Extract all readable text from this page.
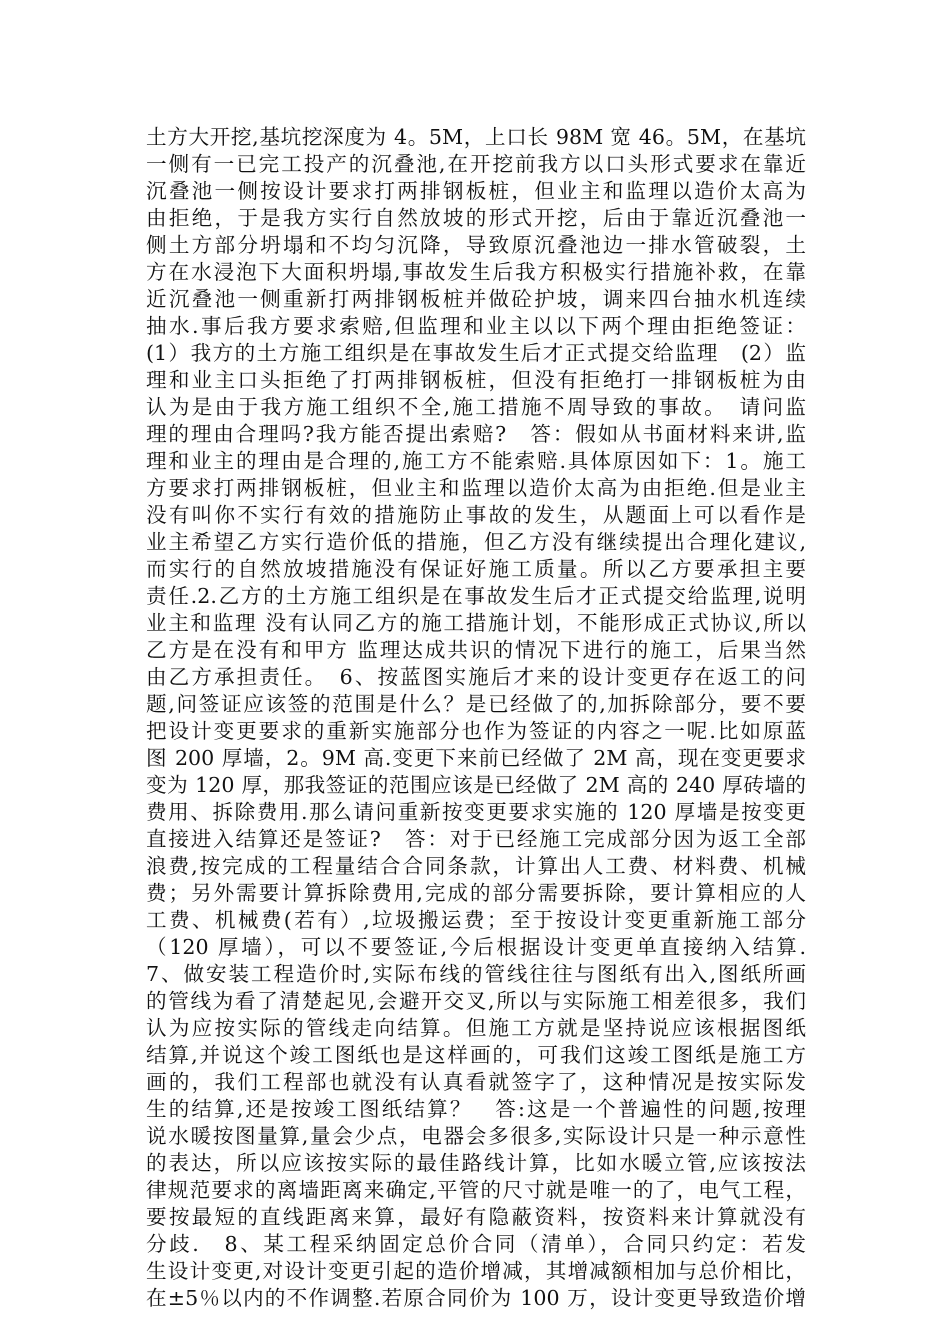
土方大开挖,基坑挖深度为 4。5M，上口长 98M 宽 46。5M，在基坑
一侧有一已完工投产的沉叠池,在开挖前我方以口头形式要求在靠近
沉叠池一侧按设计要求打两排钢板桩，但业主和监理以造价太高为
由拒绝，于是我方实行自然放坡的形式开挖，后由于靠近沉叠池一
侧土方部分坍塌和不均匀沉降，导致原沉叠池边一排水管破裂，土
方在水浸泡下大面积坍塌,事故发生后我方积极实行措施补救，在靠
近沉叠池一侧重新打两排钢板桩并做砼护坡，调来四台抽水机连续
抽水.事后我方要求索赔,但监理和业主以以下两个理由拒绝签证：
(1）我方的土方施工组织是在事故发生后才正式提交给监理　(2）监
理和业主口头拒绝了打两排钢板桩，但没有拒绝打一排钢板桩为由
认为是由于我方施工组织不全,施工措施不周导致的事故。　请问监
理的理由合理吗?我方能否提出索赔?　答：假如从书面材料来讲,监
理和业主的理由是合理的,施工方不能索赔.具体原因如下：1。施工
方要求打两排钢板桩，但业主和监理以造价太高为由拒绝.但是业主
没有叫你不实行有效的措施防止事故的发生，从题面上可以看作是
业主希望乙方实行造价低的措施，但乙方没有继续提出合理化建议,
而实行的自然放坡措施没有保证好施工质量。所以乙方要承担主要
责任.2.乙方的土方施工组织是在事故发生后才正式提交给监理,说明
业主和监理 没有认同乙方的施工措施计划，不能形成正式协议,所以
乙方是在没有和甲方 监理达成共识的情况下进行的施工，后果当然
由乙方承担责任。　6、按蓝图实施后才来的设计变更存在返工的问
题,问签证应该签的范围是什么？是已经做了的,加拆除部分，要不要
把设计变更要求的重新实施部分也作为签证的内容之一呢.比如原蓝
图 200 厚墙，2。9M 高.变更下来前已经做了 2M 高，现在变更要求
变为 120 厚，那我签证的范围应该是已经做了 2M 高的 240 厚砖墙的
费用、拆除费用.那么请问重新按变更要求实施的 120 厚墙是按变更
直接进入结算还是签证?　答：对于已经施工完成部分因为返工全部
浪费,按完成的工程量结合合同条款，计算出人工费、材料费、机械
费；另外需要计算拆除费用,完成的部分需要拆除，要计算相应的人
工费、机械费(若有）,垃圾搬运费；至于按设计变更重新施工部分
（120 厚墙），可以不要签证,今后根据设计变更单直接纳入结算.
7、做安装工程造价时,实际布线的管线往往与图纸有出入,图纸所画
的管线为看了清楚起见,会避开交叉,所以与实际施工相差很多，我们
认为应按实际的管线走向结算。但施工方就是坚持说应该根据图纸
结算,并说这个竣工图纸也是这样画的，可我们这竣工图纸是施工方
画的，我们工程部也就没有认真看就签字了，这种情况是按实际发
生的结算,还是按竣工图纸结算？　答:这是一个普遍性的问题,按理
说水暖按图量算,量会少点，电器会多很多,实际设计只是一种示意性
的表达，所以应该按实际的最佳路线计算，比如水暖立管,应该按法
律规范要求的离墙距离来确定,平管的尺寸就是唯一的了，电气工程，
要按最短的直线距离来算，最好有隐蔽资料，按资料来计算就没有
分歧.　8、某工程采纳固定总价合同（清单），合同只约定：若发
生设计变更,对设计变更引起的造价增减，其增减额相加与总价相比，
在±5％以内的不作调整.若原合同价为 100 万，设计变更导致造价增
